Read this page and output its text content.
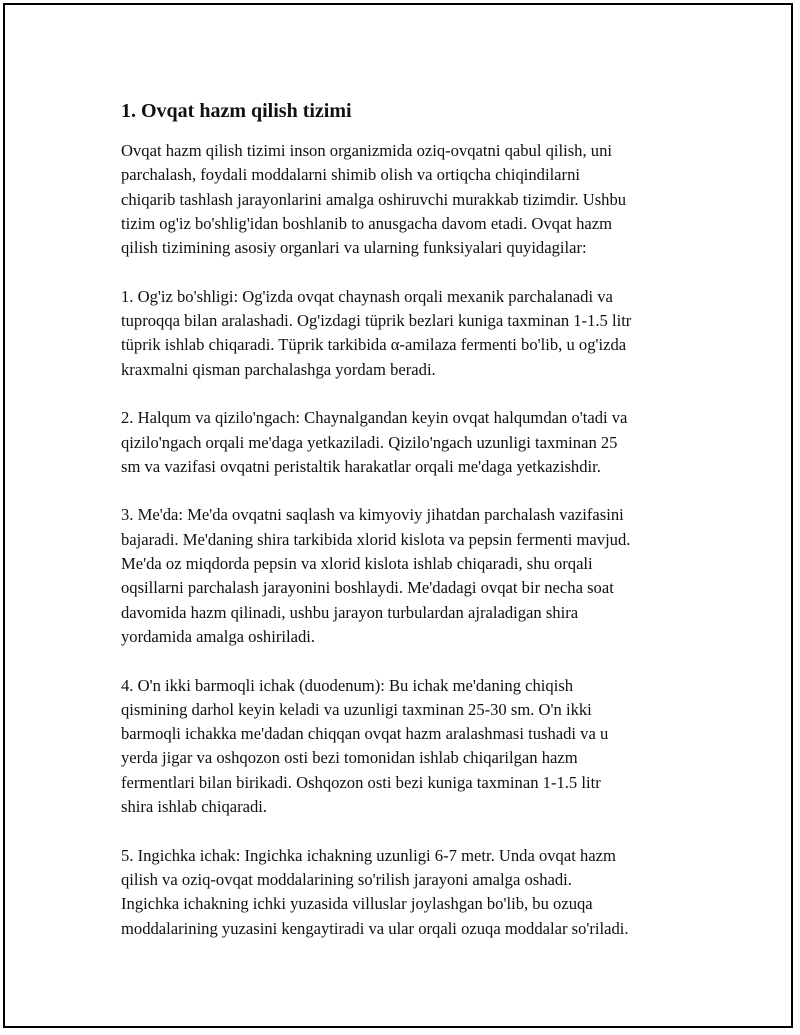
1. Ovqat hazm qilish tizimi
Ovqat hazm qilish tizimi inson organizmida oziq-ovqatni qabul qilish, uni
parchalash, foydali moddalarni shimib olish va ortiqcha chiqindilarni
chiqarib tashlash jarayonlarini amalga oshiruvchi murakkab tizimdir. Ushbu
tizim og'iz bo'shlig'idan boshlanib to anusgacha davom etadi. Ovqat hazm
qilish tizimining asosiy organlari va ularning funksiyalari quyidagilar:
1. Og'iz bo'shligi: Og'izda ovqat chaynash orqali mexanik parchalanadi va
tuproqqa bilan aralashadi. Og'izdagi tüprik bezlari kuniga taxminan 1-1.5 litr
tüprik ishlab chiqaradi. Tüprik tarkibida α-amilaza fermenti bo'lib, u og'izda
kraxmalni qisman parchalashga yordam beradi.
2. Halqum va qizilo'ngach: Chaynalgandan keyin ovqat halqumdan o'tadi va
qizilo'ngach orqali me'daga yetkaziladi. Qizilo'ngach uzunligi taxminan 25
sm va vazifasi ovqatni peristaltik harakatlar orqali me'daga yetkazishdir.
3. Me'da: Me'da ovqatni saqlash va kimyoviy jihatdan parchalash vazifasini
bajaradi. Me'daning shira tarkibida xlorid kislota va pepsin fermenti mavjud.
Me'da oz miqdorda pepsin va xlorid kislota ishlab chiqaradi, shu orqali
oqsillarni parchalash jarayonini boshlaydi. Me'dadagi ovqat bir necha soat
davomida hazm qilinadi, ushbu jarayon turbulardan ajraladigan shira
yordamida amalga oshiriladi.
4. O'n ikki barmoqli ichak (duodenum): Bu ichak me'daning chiqish
qismining darhol keyin keladi va uzunligi taxminan 25-30 sm. O'n ikki
barmoqli ichakka me'dadan chiqqan ovqat hazm aralashmasi tushadi va u
yerda jigar va oshqozon osti bezi tomonidan ishlab chiqarilgan hazm
fermentlari bilan birikadi. Oshqozon osti bezi kuniga taxminan 1-1.5 litr
shira ishlab chiqaradi.
5. Ingichka ichak: Ingichka ichakning uzunligi 6-7 metr. Unda ovqat hazm
qilish va oziq-ovqat moddalarining so'rilish jarayoni amalga oshadi.
Ingichka ichakning ichki yuzasida villuslar joylashgan bo'lib, bu ozuqa
moddalarining yuzasini kengaytiradi va ular orqali ozuqa moddalar so'riladi.
